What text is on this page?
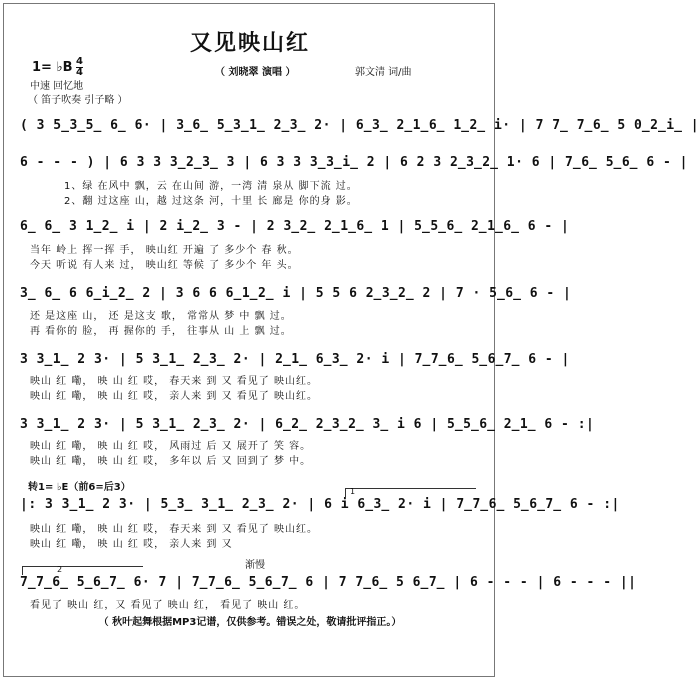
又见映山红
1= ♭B 4
4	（ 刘晓翠 演唱 ）	郭文清 词/曲
中速 回忆地
（ 笛子吹奏 引子略 ）
( 3 5̲3̲5̲ 6̲ 6· | 3̲6̲ 5̲3̲1̲ 2̲3̲ 2· | 6̲3̲ 2̲1̲6̲ 1̲2̲ i· | 7 7̲ 7̲6̲ 5 0̲2̲i̲ |
6 - - - ) | 6 3 3 3̲2̲3̲ 3 | 6 3 3 3̲3̲i̲ 2 | 6 2 3 2̲3̲2̲ 1· 6 | 7̲6̲ 5̲6̲ 6 - |
1、绿 在风中 飘，云 在山间 游，一湾 清 泉从 脚下流 过。
2、翻 过这座 山，越 过这条 河，十里 长 廊是 你的身 影。
6̲ 6̲ 3 1̲2̲ i | 2 i̲2̲ 3 - | 2 3̲2̲ 2̲1̲6̲ 1 | 5̲5̲6̲ 2̲1̲6̲ 6 - |
当年 岭上 挥一挥 手， 映山红 开遍 了 多少个 春 秋。
今天 听说 有人来 过， 映山红 等候 了 多少个 年 头。
3̲ 6̲ 6 6̲i̲2̲ 2 | 3 6 6 6̲1̲2̲ i | 5 5 6 2̲3̲2̲ 2 | 7 · 5̲6̲ 6 - |
还 是这座 山， 还 是这支 歌， 常常从 梦 中 飘 过。
再 看你的 脸， 再 握你的 手， 往事从 山 上 飘 过。
3 3̲1̲ 2 3· | 5 3̲1̲ 2̲3̲ 2· | 2̲1̲ 6̲3̲ 2· i | 7̲7̲6̲ 5̲6̲7̲ 6 - |
映山 红 嘞， 映 山 红 哎， 春天来 到 又 看见了 映山红。
映山 红 嘞， 映 山 红 哎， 亲人来 到 又 看见了 映山红。
3 3̲1̲ 2 3· | 5 3̲1̲ 2̲3̲ 2· | 6̲2̲ 2̲3̲2̲ 3̲ i 6 | 5̲5̲6̲ 2̲1̲ 6 - :|
映山 红 嘞， 映 山 红 哎， 风雨过 后 又 展开了 笑 容。
映山 红 嘞， 映 山 红 哎， 多年以 后 又 回到了 梦 中。
转1= ♭E（前6=后3）	1
|: 3 3̲1̲ 2 3· | 5̲3̲ 3̲1̲ 2̲3̲ 2· | 6 i 6̲3̲ 2· i | 7̲7̲6̲ 5̲6̲7̲ 6 - :|
映山 红 嘞， 映 山 红 哎， 春天来 到 又 看见了 映山红。
映山 红 嘞， 映 山 红 哎， 亲人来 到 又
渐慢
2
7̲7̲6̲ 5̲6̲7̲ 6· 7 | 7̲7̲6̲ 5̲6̲7̲ 6 | 7 7̲6̲ 5 6̲7̲ | 6 - - - | 6 - - - ||
看见了 映山 红，又 看见了 映山 红， 看见了 映山 红。
（ 秋叶起舞根据MP3记谱，仅供参考。错误之处，敬请批评指正。）
